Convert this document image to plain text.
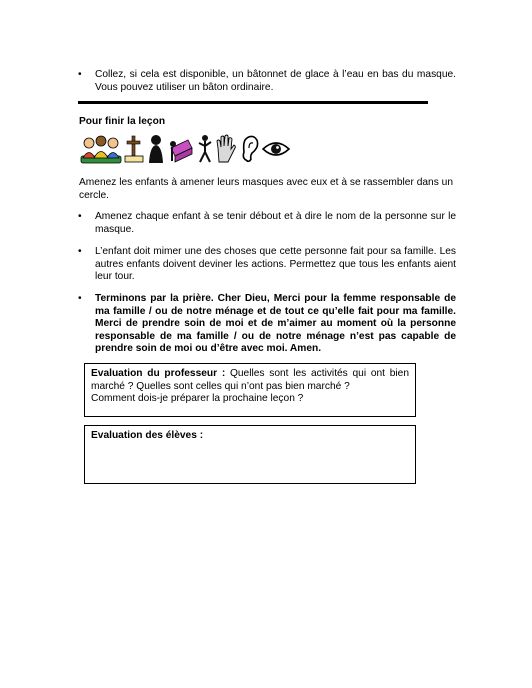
•	Collez, si cela est disponible, un bâtonnet de glace à l’eau en bas du masque. Vous pouvez utiliser un bâton ordinaire.
Pour finir la leçon
Amenez les enfants à amener leurs masques avec eux et à se rassembler dans un cercle.
•	Amenez chaque enfant à se tenir débout et à dire le nom de la personne sur le masque.
•	L’enfant doit mimer une des choses que cette personne fait pour sa famille. Les autres enfants doivent deviner les actions. Permettez que tous les enfants aient leur tour.
•	Terminons par la prière. Cher Dieu, Merci pour la femme responsable de ma famille / ou de notre ménage et de tout ce qu’elle fait pour ma famille. Merci de prendre soin de moi et de m’aimer au moment où la personne responsable de ma famille / ou de notre ménage n’est pas capable de prendre soin de moi ou d’être avec moi. Amen.
Evaluation du professeur : Quelles sont les activités qui ont bien marché ? Quelles sont celles qui n’ont pas bien marché ?
Comment dois-je préparer la prochaine leçon ?
Evaluation des élèves :
